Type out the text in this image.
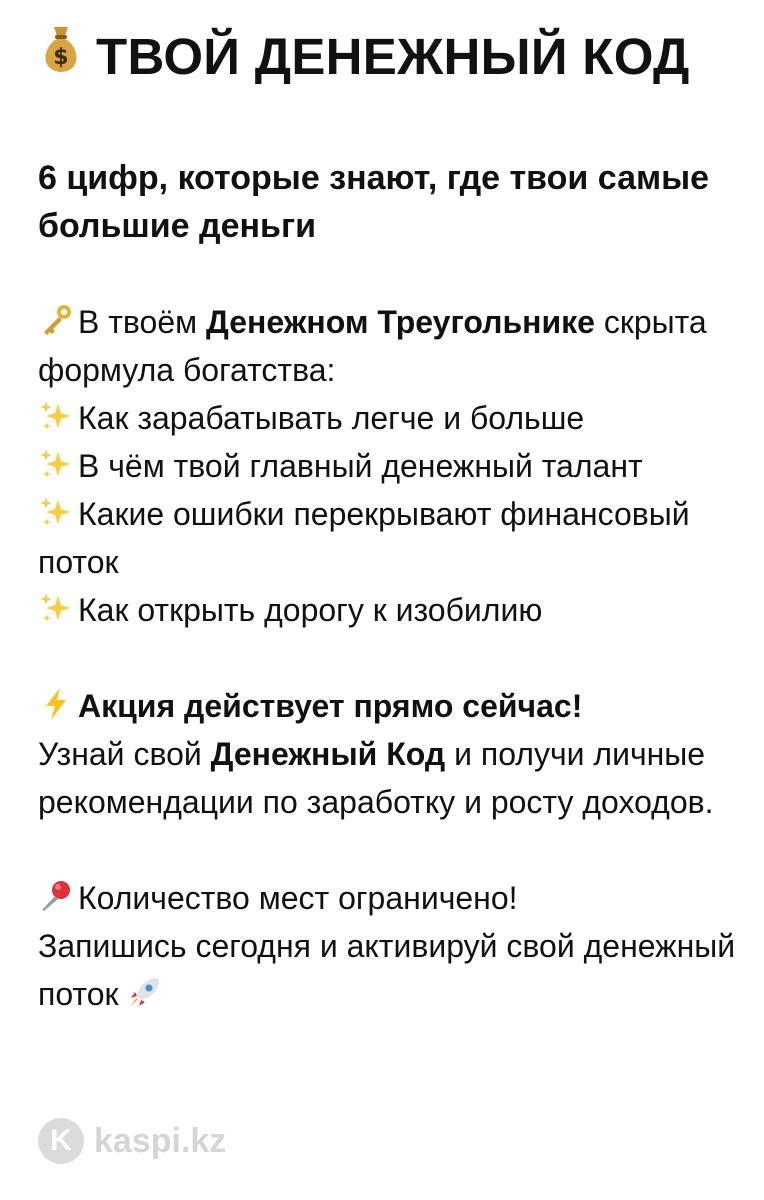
$ ТВОЙ ДЕНЕЖНЫЙ КОД

6 цифр, которые знают, где твои самые большие деньги

В твоём Денежном Треугольнике скрыта формула богатства:
Как зарабатывать легче и больше
В чём твой главный денежный талант
Какие ошибки перекрывают финансовый поток
Как открыть дорогу к изобилию
Акция действует прямо сейчас!
Узнай свой Денежный Код и получи личные рекомендации по заработку и росту доходов.
Количество мест ограничено!
Запишись сегодня и активируй свой денежный поток
K kaspi.kz
